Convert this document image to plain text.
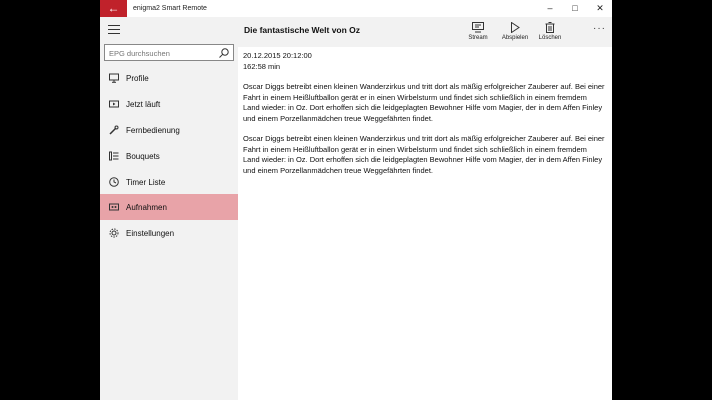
←	enigma2 Smart Remote	–	□	✕
EPG durchsuchen
Profile
Jetzt läuft
Fernbedienung
Bouquets
Timer Liste
Aufnahmen
Einstellungen
Die fantastische Welt von Oz
Stream	Abspielen	Löschen
···

20.12.2015 20:12:00

162:58 min

Oscar Diggs betreibt einen kleinen Wanderzirkus und tritt dort als mäßig erfolgreicher Zauberer auf. Bei einer Fahrt in einem Heißluftballon gerät er in einen Wirbelsturm und findet sich schließlich in einem fremdem Land wieder: in Oz. Dort erhoffen sich die leidgeplagten Bewohner Hilfe vom Magier, der in dem Affen Finley und einem Porzellanmädchen treue Weggefährten findet.

Oscar Diggs betreibt einen kleinen Wanderzirkus und tritt dort als mäßig erfolgreicher Zauberer auf. Bei einer Fahrt in einem Heißluftballon gerät er in einen Wirbelsturm und findet sich schließlich in einem fremdem Land wieder: in Oz. Dort erhoffen sich die leidgeplagten Bewohner Hilfe vom Magier, der in dem Affen Finley und einem Porzellanmädchen treue Weggefährten findet.
